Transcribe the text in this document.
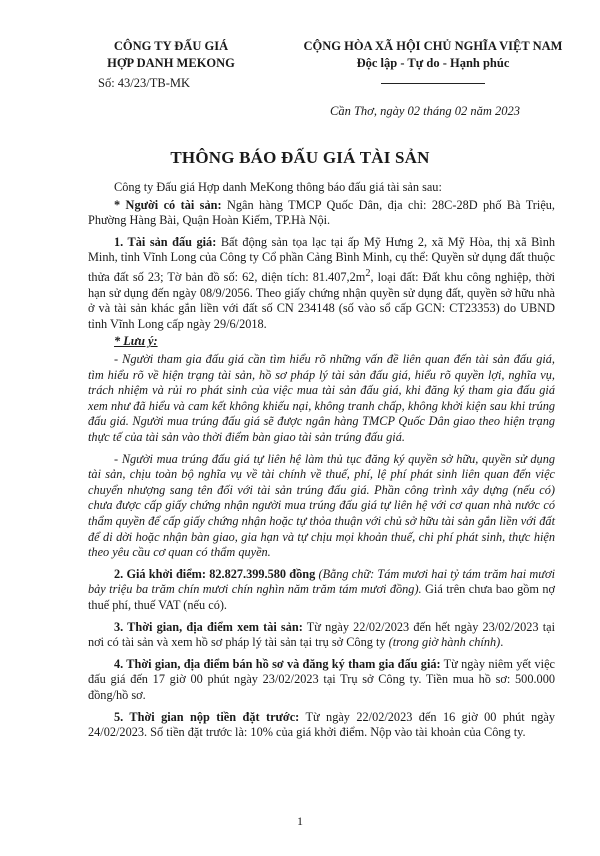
CÔNG TY ĐẤU GIÁ
HỢP DANH MEKONG
Số: 43/23/TB-MK
CỘNG HÒA XÃ HỘI CHỦ NGHĨA VIỆT NAM
Độc lập - Tự do - Hạnh phúc
Cần Thơ, ngày 02 tháng 02 năm 2023
THÔNG BÁO ĐẤU GIÁ TÀI SẢN

Công ty Đấu giá Hợp danh MeKong thông báo đấu giá tài sản sau:

* Người có tài sản: Ngân hàng TMCP Quốc Dân, địa chỉ: 28C-28D phố Bà Triệu, Phường Hàng Bài, Quận Hoàn Kiếm, TP.Hà Nội.

1. Tài sản đấu giá: Bất động sản tọa lạc tại ấp Mỹ Hưng 2, xã Mỹ Hòa, thị xã Bình Minh, tỉnh Vĩnh Long của Công ty Cổ phần Cảng Bình Minh, cụ thể: Quyền sử dụng đất thuộc thửa đất số 23; Tờ bản đồ số: 62, diện tích: $81.407,2m^2$, loại đất: Đất khu công nghiệp, thời hạn sử dụng đến ngày 08/9/2056. Theo giấy chứng nhận quyền sử dụng đất, quyền sở hữu nhà ở và tài sản khác gắn liền với đất số CN 234148 (số vào sổ cấp GCN: CT23353) do UBND tỉnh Vĩnh Long cấp ngày 29/6/2018.

* Lưu ý:

- Người tham gia đấu giá cần tìm hiểu rõ những vấn đề liên quan đến tài sản đấu giá, tìm hiểu rõ về hiện trạng tài sản, hồ sơ pháp lý tài sản đấu giá, hiểu rõ quyền lợi, nghĩa vụ, trách nhiệm và rủi ro phát sinh của việc mua tài sản đấu giá, khi đăng ký tham gia đấu giá xem như đã hiểu và cam kết không khiếu nại, không tranh chấp, không khởi kiện sau khi trúng đấu giá. Người mua trúng đấu giá sẽ được ngân hàng TMCP Quốc Dân giao theo hiện trạng thực tế của tài sản vào thời điểm bàn giao tài sản trúng đấu giá.

- Người mua trúng đấu giá tự liên hệ làm thủ tục đăng ký quyền sở hữu, quyền sử dụng tài sản, chịu toàn bộ nghĩa vụ về tài chính về thuế, phí, lệ phí phát sinh liên quan đến việc chuyển nhượng sang tên đối với tài sản trúng đấu giá. Phần công trình xây dựng (nếu có) chưa được cấp giấy chứng nhận người mua trúng đấu giá tự liên hệ với cơ quan nhà nước có thẩm quyền để cấp giấy chứng nhận hoặc tự thỏa thuận với chủ sở hữu tài sản gắn liền với đất để di dời hoặc nhận bàn giao, gia hạn và tự chịu mọi khoản thuế, chi phí phát sinh, thực hiện theo yêu cầu cơ quan có thẩm quyền.

2. Giá khởi điểm: 82.827.399.580 đồng (Bằng chữ: Tám mươi hai tỷ tám trăm hai mươi bảy triệu ba trăm chín mươi chín nghìn năm trăm tám mươi đồng). Giá trên chưa bao gồm nợ thuế phí, thuế VAT (nếu có).

3. Thời gian, địa điểm xem tài sản: Từ ngày 22/02/2023 đến hết ngày 23/02/2023 tại nơi có tài sản và xem hồ sơ pháp lý tài sản tại trụ sở Công ty (trong giờ hành chính).

4. Thời gian, địa điểm bán hồ sơ và đăng ký tham gia đấu giá: Từ ngày niêm yết việc đấu giá đến 17 giờ 00 phút ngày 23/02/2023 tại Trụ sở Công ty. Tiền mua hồ sơ: 500.000 đồng/hồ sơ.

5. Thời gian nộp tiền đặt trước: Từ ngày 22/02/2023 đến 16 giờ 00 phút ngày 24/02/2023. Số tiền đặt trước là: 10% của giá khởi điểm. Nộp vào tài khoản của Công ty.

1
